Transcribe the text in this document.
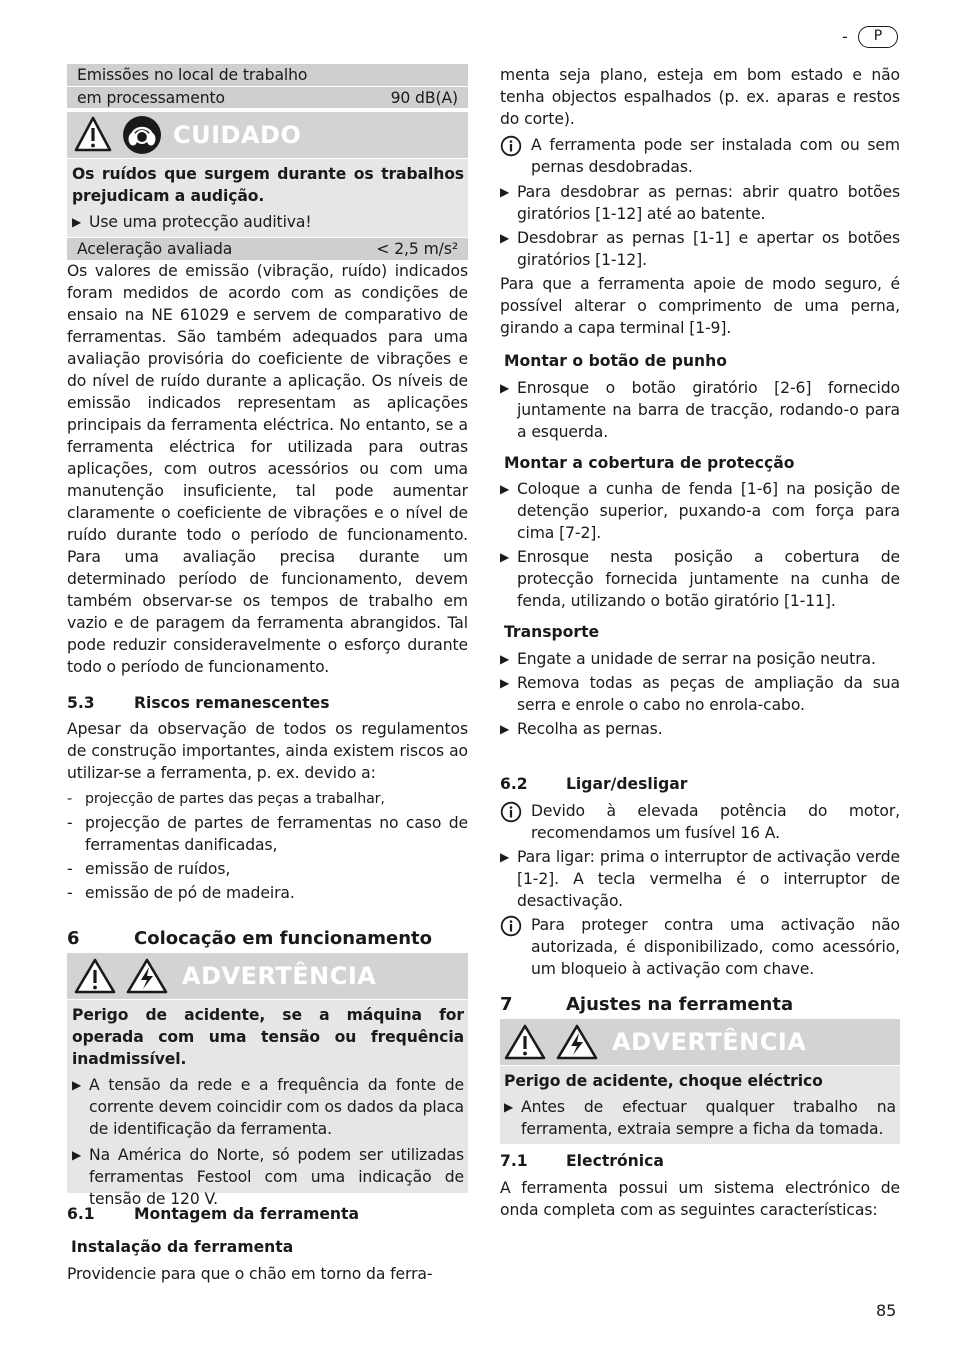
-	P
Emissões no local de trabalho
em processamento	90 dB(A)
CUIDADO
Os ruídos que surgem durante os trabalhos prejudicam a audição.
▶ Use uma protecção auditiva!
Aceleração avaliada	< 2,5 m/s²
Os valores de emissão (vibração, ruído) indicados foram medidos de acordo com as condições de ensaio na NE 61029 e servem de comparativo de ferramentas. São também adequados para uma avaliação provisória do coeficiente de vibrações e do nível de ruído durante a aplicação. Os níveis de emissão indicados representam as aplicações principais da ferramenta eléctrica. No entanto, se a ferramenta eléctrica for utilizada para outras aplicações, com outros acessórios ou com uma manutenção insuficiente, tal pode aumentar claramente o coeficiente de vibrações e o nível de ruído durante todo o período de funcionamento. Para uma avaliação precisa durante um determinado período de funcionamento, devem também observar-se os tempos de trabalho em vazio e de paragem da ferramenta abrangidos. Tal pode reduzir consideravelmente o esforço durante todo o período de funcionamento.
5.3	Riscos remanescentes
Apesar da observação de todos os regulamentos de construção importantes, ainda existem riscos ao utilizar-se a ferramenta, p. ex. devido a:
- projecção de partes das peças a trabalhar,
- projecção de partes de ferramentas no caso de ferramentas danificadas,
- emissão de ruídos,
- emissão de pó de madeira.
6	Colocação em funcionamento
ADVERTÊNCIA
Perigo de acidente, se a máquina for operada com uma tensão ou frequência inadmissível.
▶ A tensão da rede e a frequência da fonte de corrente devem coincidir com os dados da placa de identificação da ferramenta.
▶ Na América do Norte, só podem ser utilizadas ferramentas Festool com uma indicação de tensão de 120 V.
6.1	Montagem da ferramenta
Instalação da ferramenta
Providencie para que o chão em torno da ferra-
menta seja plano, esteja em bom estado e não tenha objectos espalhados (p. ex. aparas e restos do corte).
A ferramenta pode ser instalada com ou sem pernas desdobradas.
▶ Para desdobrar as pernas: abrir quatro botões giratórios [1-12] até ao batente.
▶ Desdobrar as pernas [1-1] e apertar os botões giratórios [1-12].
Para que a ferramenta apoie de modo seguro, é possível alterar o comprimento de uma perna, girando a capa terminal [1-9].
Montar o botão de punho
▶ Enrosque o botão giratório [2-6] fornecido juntamente na barra de tracção, rodando-o para a esquerda.
Montar a cobertura de protecção
▶ Coloque a cunha de fenda [1-6] na posição de detenção superior, puxando-a com força para cima [7-2].
▶ Enrosque nesta posição a cobertura de protecção fornecida juntamente na cunha de fenda, utilizando o botão giratório [1-11].
Transporte
▶ Engate a unidade de serrar na posição neutra.
▶ Remova todas as peças de ampliação da sua serra e enrole o cabo no enrola-cabo.
▶ Recolha as pernas.
6.2 Ligar/desligar
Devido à elevada potência do motor, recomendamos um fusível 16 A.
▶ Para ligar: prima o interruptor de activação verde [1-2]. A tecla vermelha é o interruptor de desactivação.
Para proteger contra uma activação não autorizada, é disponibilizado, como acessório, um bloqueio à activação com chave.
7	Ajustes na ferramenta
ADVERTÊNCIA
Perigo de acidente, choque eléctrico
▶ Antes de efectuar qualquer trabalho na ferramenta, extraia sempre a ficha da tomada.
7.1 Electrónica
A ferramenta possui um sistema electrónico de onda completa com as seguintes características:
85
